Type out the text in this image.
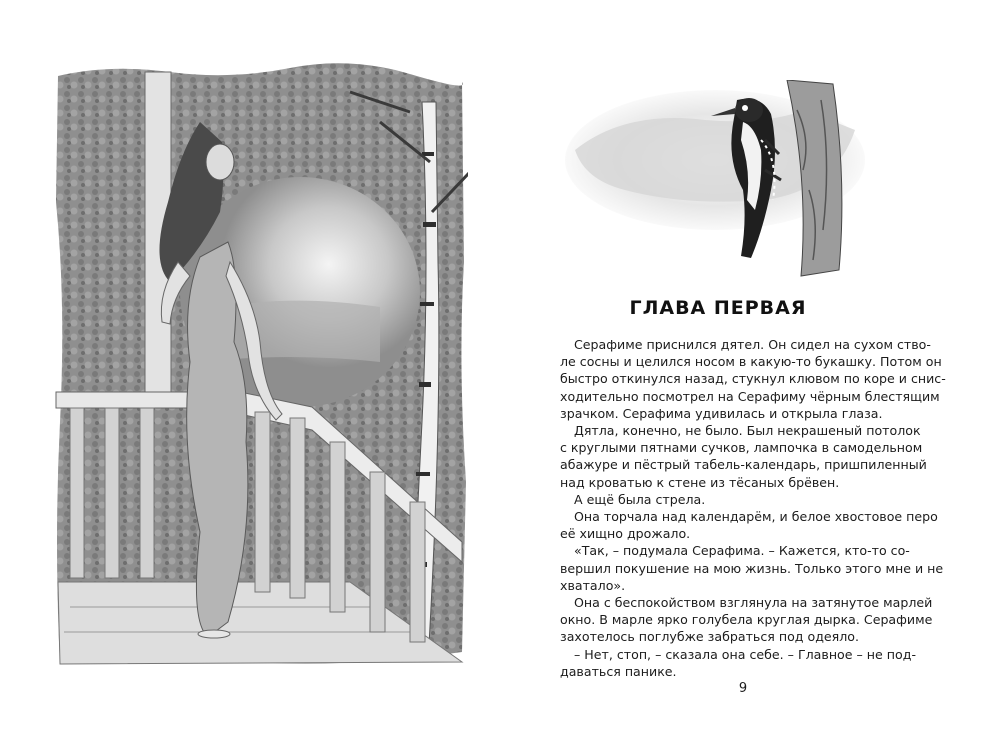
ГЛАВА ПЕРВАЯ
Серафиме приснился дятел. Он сидел на сухом ство-
ле сосны и целился носом в какую-то букашку. Потом он
быстро откинулся назад, стукнул клювом по коре и снис-
ходительно посмотрел на Серафиму чёрным блестящим
зрачком. Серафима удивилась и открыла глаза.
Дятла, конечно, не было. Был некрашеный потолок
с круглыми пятнами сучков, лампочка в самодельном
абажуре и пёстрый табель-календарь, пришпиленный
над кроватью к стене из тёсаных брёвен.
А ещё была стрела.
Она торчала над календарём, и белое хвостовое перо
её хищно дрожало.
«Так, – подумала Серафима. – Кажется, кто-то со-
вершил покушение на мою жизнь. Только этого мне и не
хватало».
Она с беспокойством взглянула на затянутое марлей
окно. В марле ярко голубела круглая дырка. Серафиме
захотелось поглубже забраться под одеяло.
– Нет, стоп, – сказала она себе. – Главное – не под-
даваться панике.
9
